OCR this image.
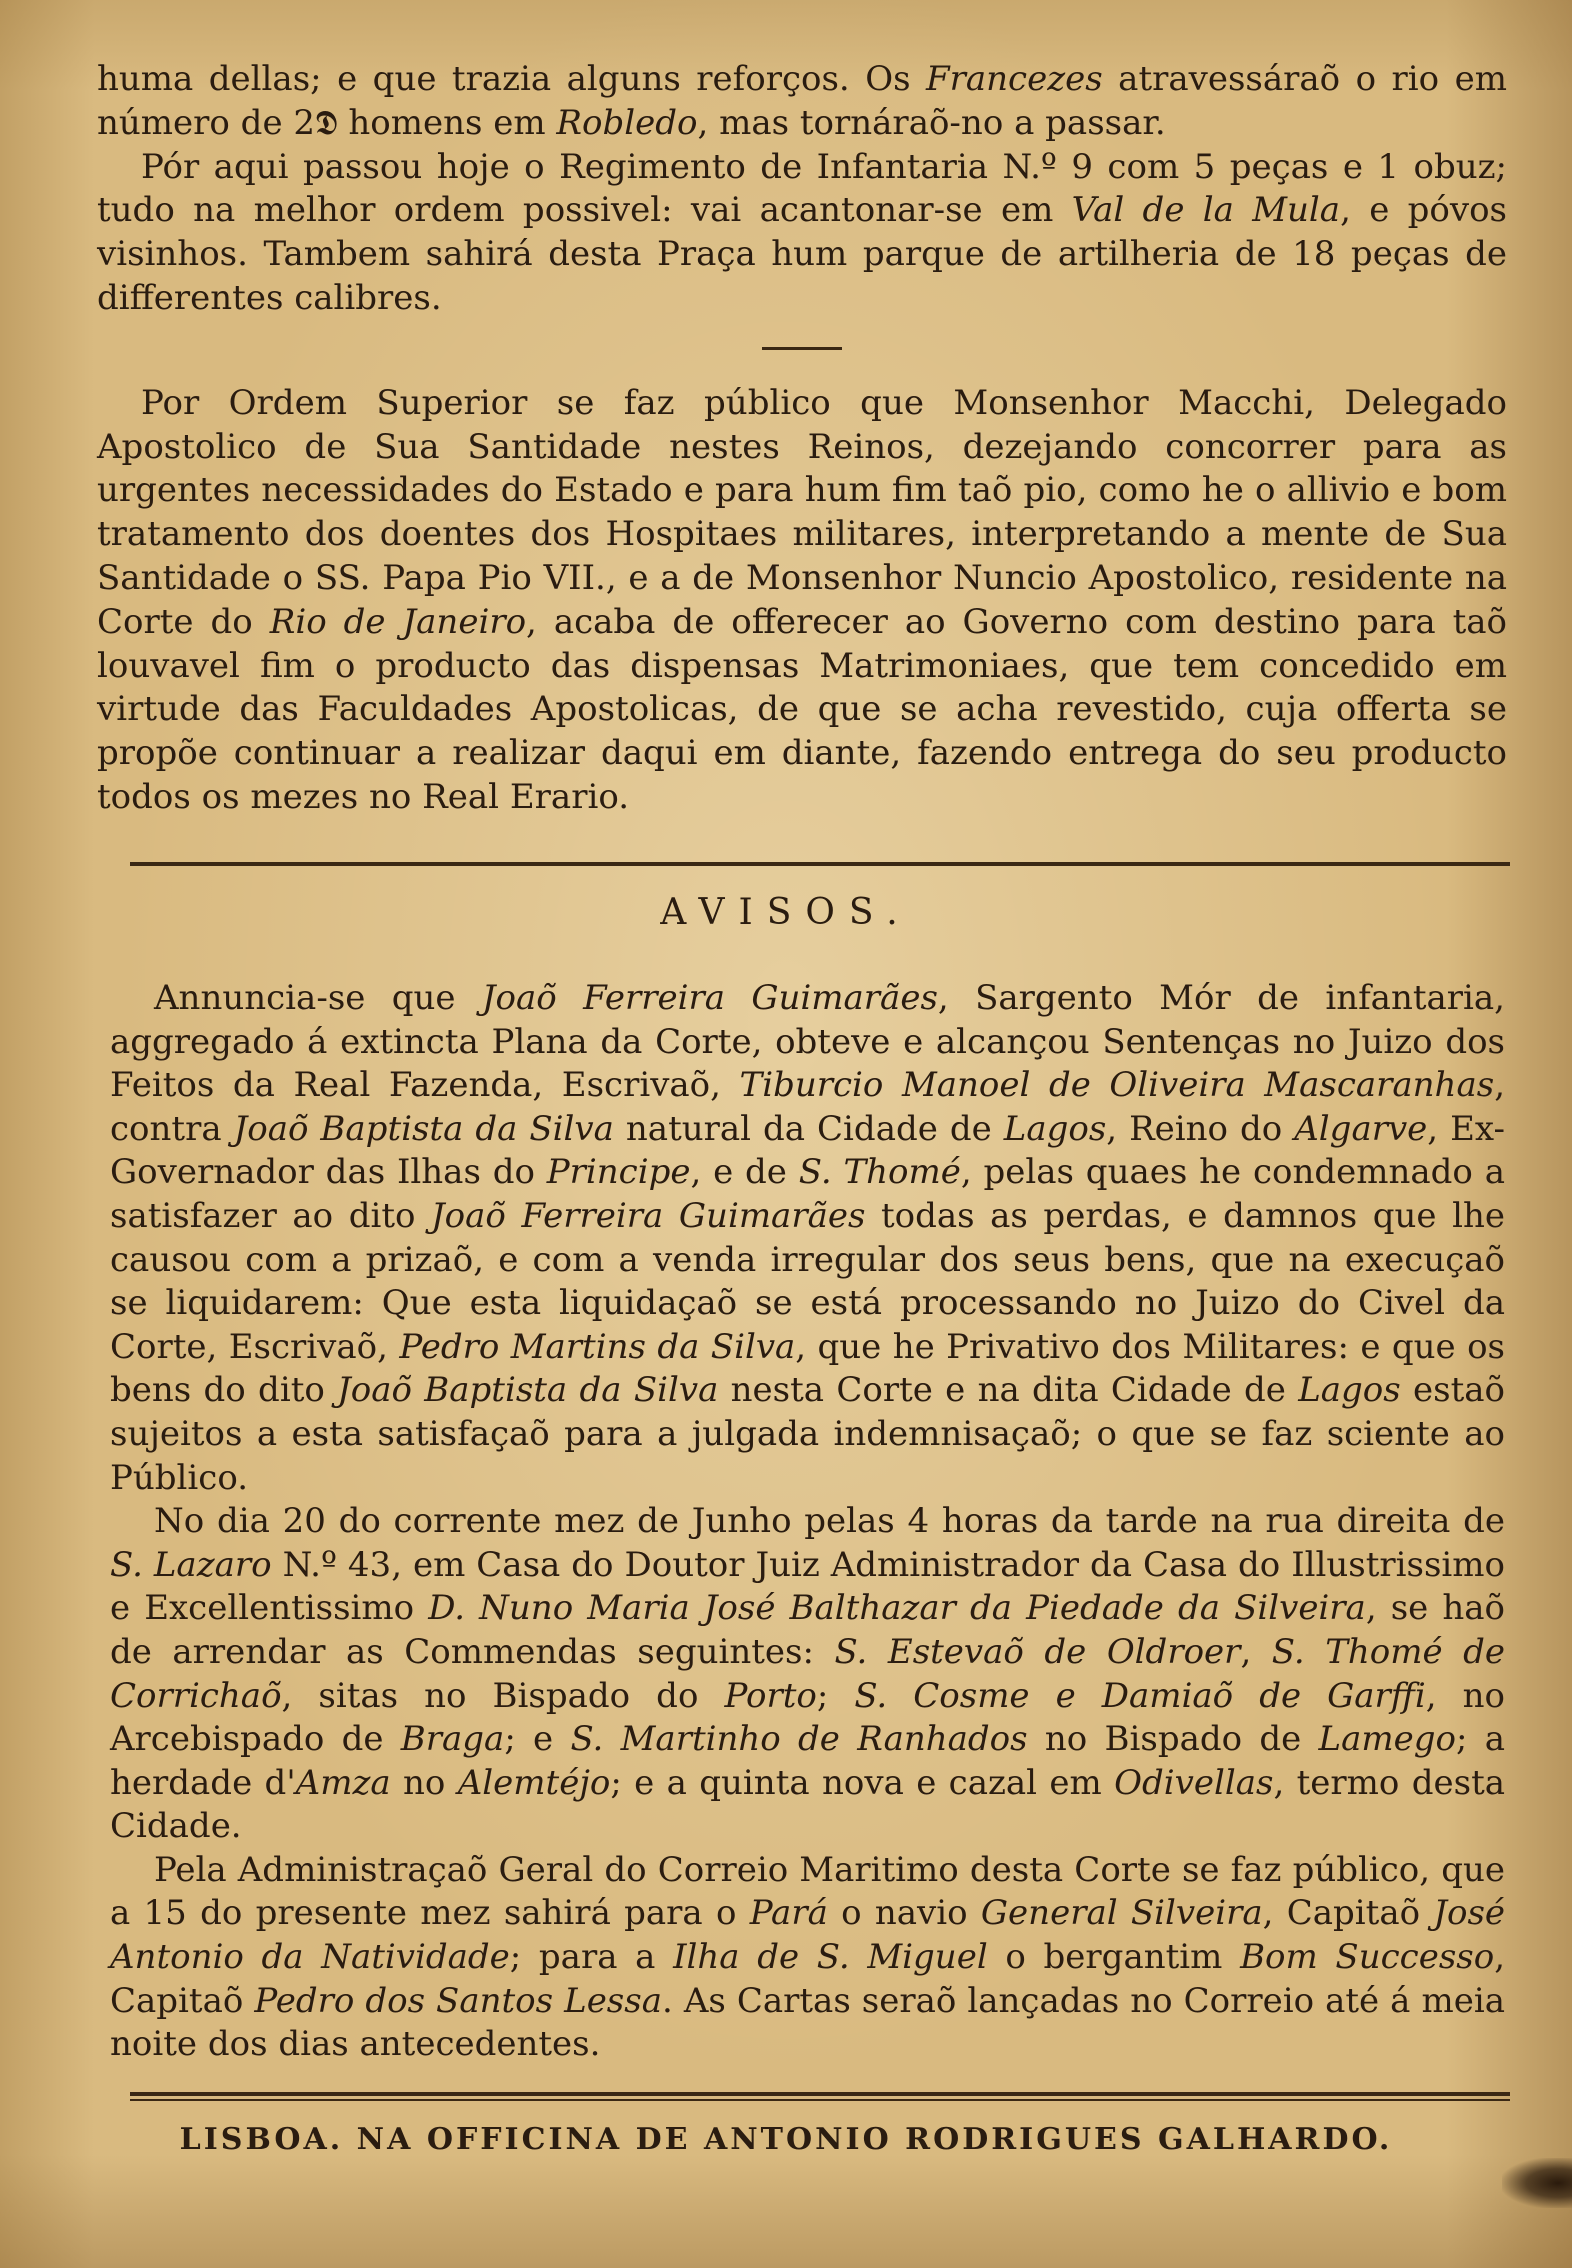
huma dellas; e que trazia alguns reforços. Os Francezes atravessáraõ o rio em número de 2𝕯 homens em Robledo, mas tornáraõ-no a passar.

Pór aqui passou hoje o Regimento de Infantaria N.º 9 com 5 peças e 1 obuz; tudo na melhor ordem possivel: vai acantonar-se em Val de la Mula, e póvos visinhos. Tambem sahirá desta Praça hum parque de artilheria de 18 peças de differentes calibres.

Por Ordem Superior se faz público que Monsenhor Macchi, Delegado Apostolico de Sua Santidade nestes Reinos, dezejando concorrer para as urgentes necessidades do Estado e para hum fim taõ pio, como he o allivio e bom tratamento dos doentes dos Hospitaes militares, interpretando a mente de Sua Santidade o SS. Papa Pio VII., e a de Monsenhor Nuncio Apostolico, residente na Corte do Rio de Janeiro, acaba de offerecer ao Governo com destino para taõ louvavel fim o producto das dispensas Matrimoniaes, que tem concedido em virtude das Faculdades Apostolicas, de que se acha revestido, cuja offerta se propõe continuar a realizar daqui em diante, fazendo entrega do seu producto todos os mezes no Real Erario.

AVISOS.

Annuncia-se que Joaõ Ferreira Guimarães, Sargento Mór de infantaria, aggregado á extincta Plana da Corte, obteve e alcançou Sentenças no Juizo dos Feitos da Real Fazenda, Escrivaõ, Tiburcio Manoel de Oliveira Mascaranhas, contra Joaõ Baptista da Silva natural da Cidade de Lagos, Reino do Algarve, Ex-Governador das Ilhas do Principe, e de S. Thomé, pelas quaes he condemnado a satisfazer ao dito Joaõ Ferreira Guimarães todas as perdas, e damnos que lhe causou com a prizaõ, e com a venda irregular dos seus bens, que na execuçaõ se liquidarem: Que esta liquidaçaõ se está processando no Juizo do Civel da Corte, Escrivaõ, Pedro Martins da Silva, que he Privativo dos Militares: e que os bens do dito Joaõ Baptista da Silva nesta Corte e na dita Cidade de Lagos estaõ sujeitos a esta satisfaçaõ para a julgada indemnisaçaõ; o que se faz sciente ao Público.

No dia 20 do corrente mez de Junho pelas 4 horas da tarde na rua direita de S. Lazaro N.º 43, em Casa do Doutor Juiz Administrador da Casa do Illustrissimo e Excellentissimo D. Nuno Maria José Balthazar da Piedade da Silveira, se haõ de arrendar as Commendas seguintes: S. Estevaõ de Oldroer, S. Thomé de Corrichaõ, sitas no Bispado do Porto; S. Cosme e Damiaõ de Garffi, no Arcebispado de Braga; e S. Martinho de Ranhados no Bispado de Lamego; a herdade d'Amza no Alemtéjo; e a quinta nova e cazal em Odivellas, termo desta Cidade.

Pela Administraçaõ Geral do Correio Maritimo desta Corte se faz público, que a 15 do presente mez sahirá para o Pará o navio General Silveira, Capitaõ José Antonio da Natividade; para a Ilha de S. Miguel o bergantim Bom Successo, Capitaõ Pedro dos Santos Lessa. As Cartas seraõ lançadas no Correio até á meia noite dos dias antecedentes.

LISBOA. NA OFFICINA DE ANTONIO RODRIGUES GALHARDO.
